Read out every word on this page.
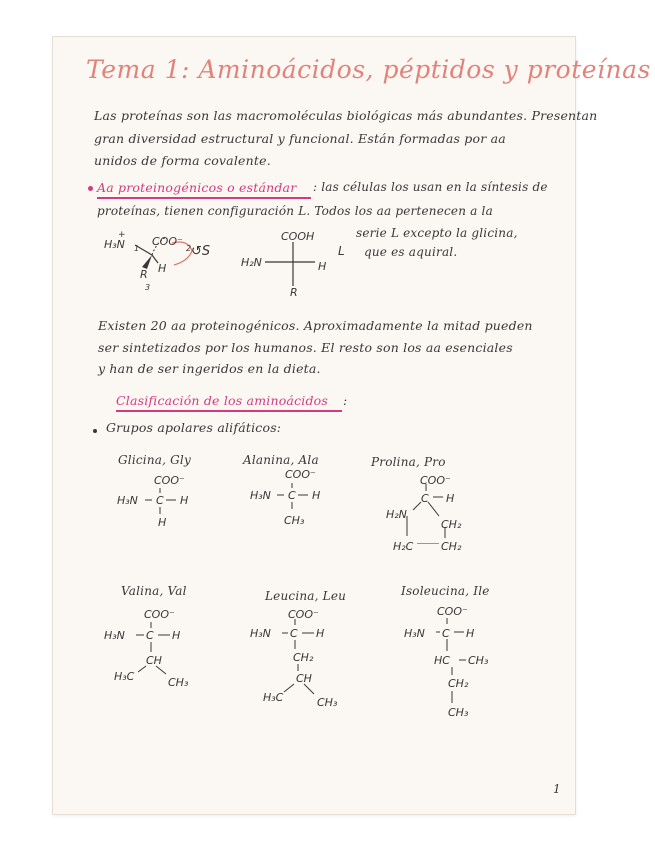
Tema 1: Aminoácidos, péptidos y proteínas
Las proteínas son las macromoléculas biológicas más abundantes. Presentan
gran diversidad estructural y funcional. Están formadas por aa
unidos de forma covalente.
Aa proteinogénicos o estándar : las células los usan en la síntesis de
proteínas, tienen configuración L. Todos los aa pertenecen a la
serie L excepto la glicina,
que es aquiral.
H₃N
+ COO⁻
R H
1	2
3
↺S
COOH
H₂N	H
R
L
Existen 20 aa proteinogénicos. Aproximadamente la mitad pueden
ser sintetizados por los humanos. El resto son los aa esenciales
y han de ser ingeridos en la dieta.
Clasificación de los aminoácidos :
Grupos apolares alifáticos:
Glicina, Gly
COO⁻
H₃N C H
H
Alanina, Ala
COO⁻
H₃N C H
CH₃
Prolina, Pro
COO⁻
C H
H₂N
CH₂
H₂C	CH₂
Valina, Val
COO⁻
H₃N C H
CH
H₃C	CH₃
Leucina, Leu
COO⁻
H₃N C H
CH₂
CH
H₃C	CH₃
Isoleucina, Ile
COO⁻
H₃N C H
HC CH₃
CH₂
CH₃
1
